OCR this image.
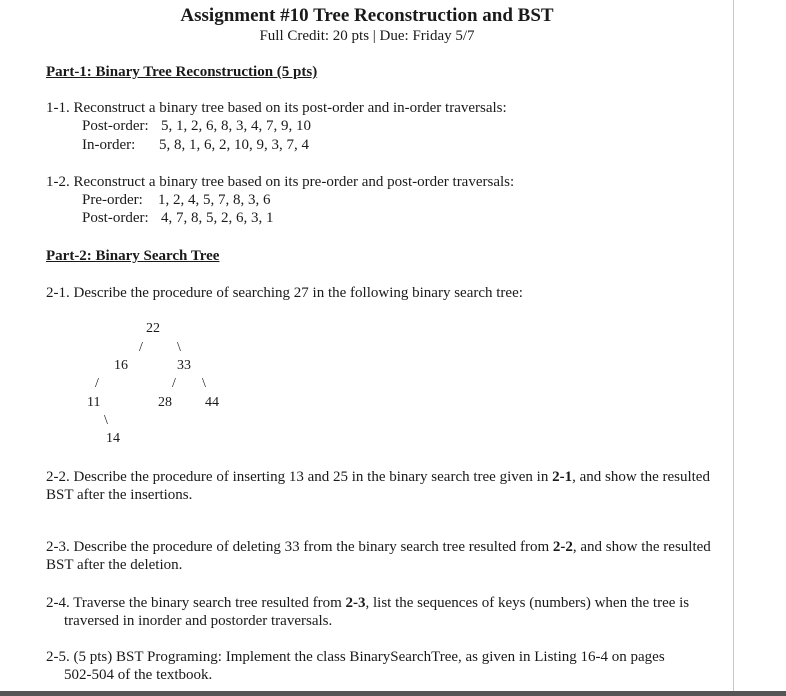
Assignment #10 Tree Reconstruction and BST
Full Credit: 20 pts | Due: Friday 5/7
Part-1: Binary Tree Reconstruction (5 pts)
1-1. Reconstruct a binary tree based on its post-order and in-order traversals:
Post-order: 5, 1, 2, 6, 8, 3, 4, 7, 9, 10
In-order: 5, 8, 1, 6, 2, 10, 9, 3, 7, 4
1-2. Reconstruct a binary tree based on its pre-order and post-order traversals:
Pre-order: 1, 2, 4, 5, 7, 8, 3, 6
Post-order: 4, 7, 8, 5, 2, 6, 3, 1
Part-2: Binary Search Tree
2-1. Describe the procedure of searching 27 in the following binary search tree:
22
/ \
16	33
/	/ \
11	28 44
\
14
2-2. Describe the procedure of inserting 13 and 25 in the binary search tree given in 2-1, and show the resulted BST after the insertions.
2-3. Describe the procedure of deleting 33 from the binary search tree resulted from 2-2, and show the resulted BST after the deletion.
2-4. Traverse the binary search tree resulted from 2-3, list the sequences of keys (numbers) when the tree is traversed in inorder and postorder traversals.
2-5. (5 pts) BST Programing: Implement the class BinarySearchTree, as given in Listing 16-4 on pages 502-504 of the textbook.
